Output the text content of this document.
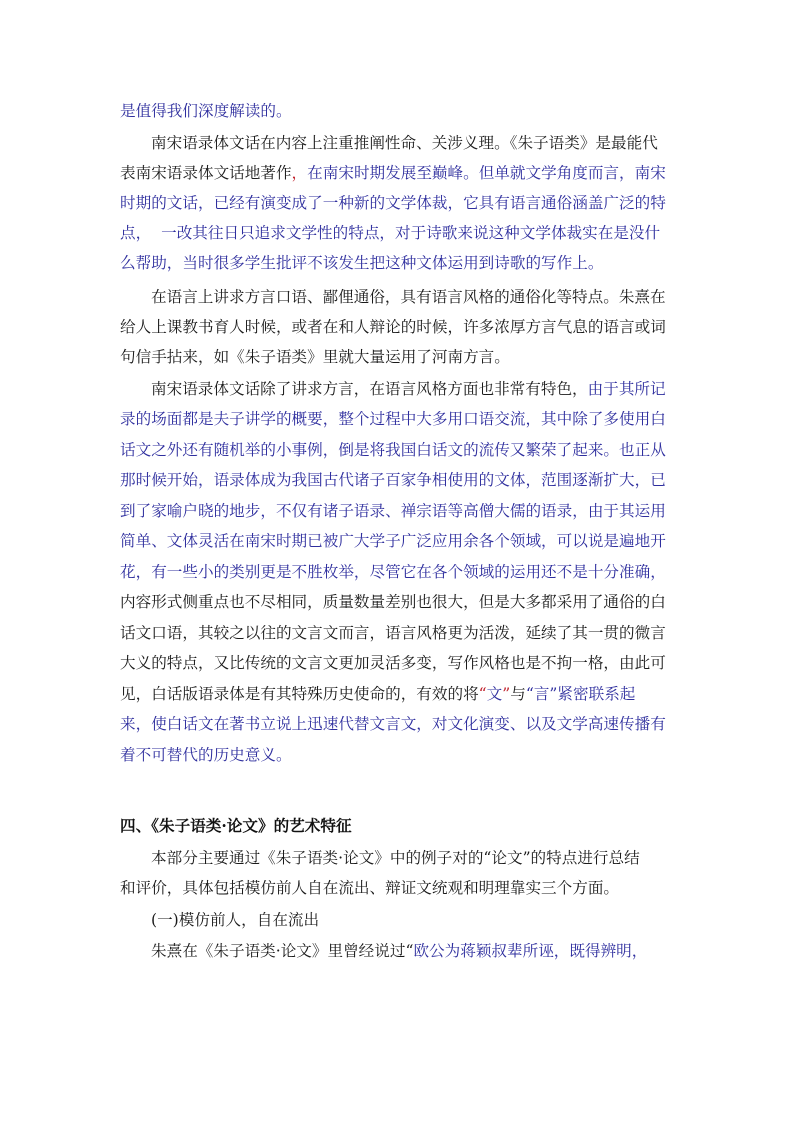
是值得我们深度解读的。
南宋语录体文话在内容上注重推阐性命、关涉义理。《朱子语类》是最能代
表南宋语录体文话地著作，在南宋时期发展至巅峰。但单就文学角度而言，南宋
时期的文话，已经有演变成了一种新的文学体裁，它具有语言通俗涵盖广泛的特
点，  一改其往日只追求文学性的特点，对于诗歌来说这种文学体裁实在是没什
么帮助，当时很多学生批评不该发生把这种文体运用到诗歌的写作上。
在语言上讲求方言口语、鄙俚通俗，具有语言风格的通俗化等特点。朱熹在
给人上课教书育人时候，或者在和人辩论的时候，许多浓厚方言气息的语言或词
句信手拈来，如《朱子语类》里就大量运用了河南方言。
南宋语录体文话除了讲求方言，在语言风格方面也非常有特色，由于其所记
录的场面都是夫子讲学的概要，整个过程中大多用口语交流，其中除了多使用白
话文之外还有随机举的小事例，倒是将我国白话文的流传又繁荣了起来。也正从
那时候开始，语录体成为我国古代诸子百家争相使用的文体，范围逐渐扩大，已
到了家喻户晓的地步，不仅有诸子语录、禅宗语等高僧大儒的语录，由于其运用
简单、文体灵活在南宋时期已被广大学子广泛应用余各个领域，可以说是遍地开
花，有一些小的类别更是不胜枚举，尽管它在各个领域的运用还不是十分准确，
内容形式侧重点也不尽相同，质量数量差别也很大，但是大多都采用了通俗的白
话文口语，其较之以往的文言文而言，语言风格更为活泼，延续了其一贯的微言
大义的特点，又比传统的文言文更加灵活多变，写作风格也是不拘一格，由此可
见，白话版语录体是有其特殊历史使命的，有效的将“文”与“言”紧密联系起
来，使白话文在著书立说上迅速代替文言文，对文化演变、以及文学高速传播有
着不可替代的历史意义。
四、《朱子语类·论文》的艺术特征
本部分主要通过《朱子语类·论文》中的例子对的“论文”的特点进行总结
和评价，具体包括模仿前人自在流出、辩证文统观和明理靠实三个方面。
(一)模仿前人，自在流出
朱熹在《朱子语类·论文》里曾经说过“欧公为蒋颖叔辈所诬，既得辨明，
